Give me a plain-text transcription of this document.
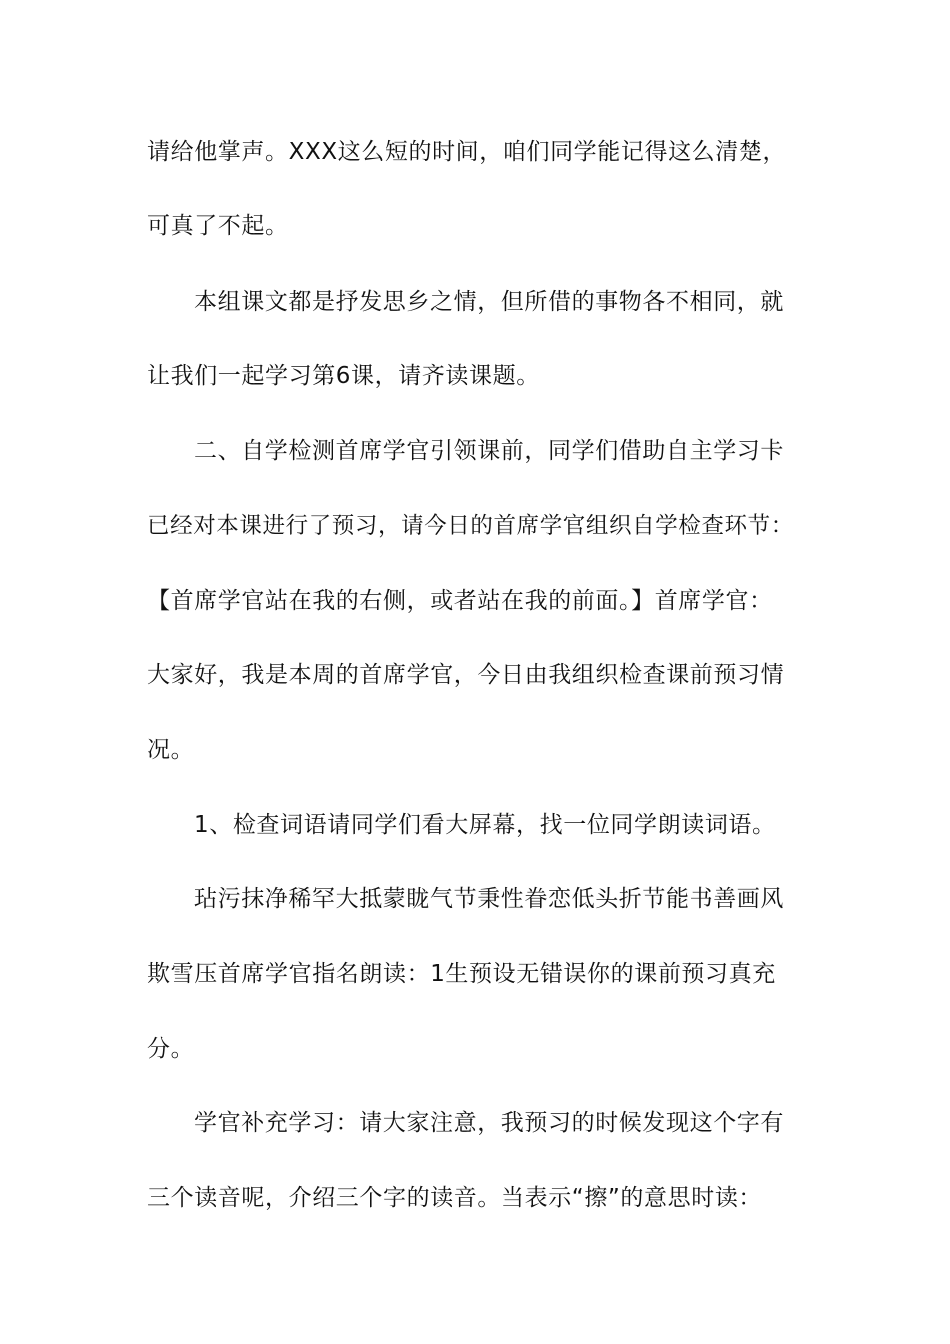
请给他掌声。XXX这么短的时间，咱们同学能记得这么清楚，
可真了不起。
本组课文都是抒发思乡之情，但所借的事物各不相同，就
让我们一起学习第6课，请齐读课题。
二、自学检测首席学官引领课前，同学们借助自主学习卡
已经对本课进行了预习，请今日的首席学官组织自学检查环节：
【首席学官站在我的右侧，或者站在我的前面。】首席学官：
大家好，我是本周的首席学官，今日由我组织检查课前预习情
况。
1、检查词语请同学们看大屏幕，找一位同学朗读词语。
玷污抹净稀罕大抵蒙眬气节秉性眷恋低头折节能书善画风
欺雪压首席学官指名朗读：1生预设无错误你的课前预习真充
分。
学官补充学习：请大家注意，我预习的时候发现这个字有
三个读音呢，介绍三个字的读音。当表示“擦”的意思时读：
